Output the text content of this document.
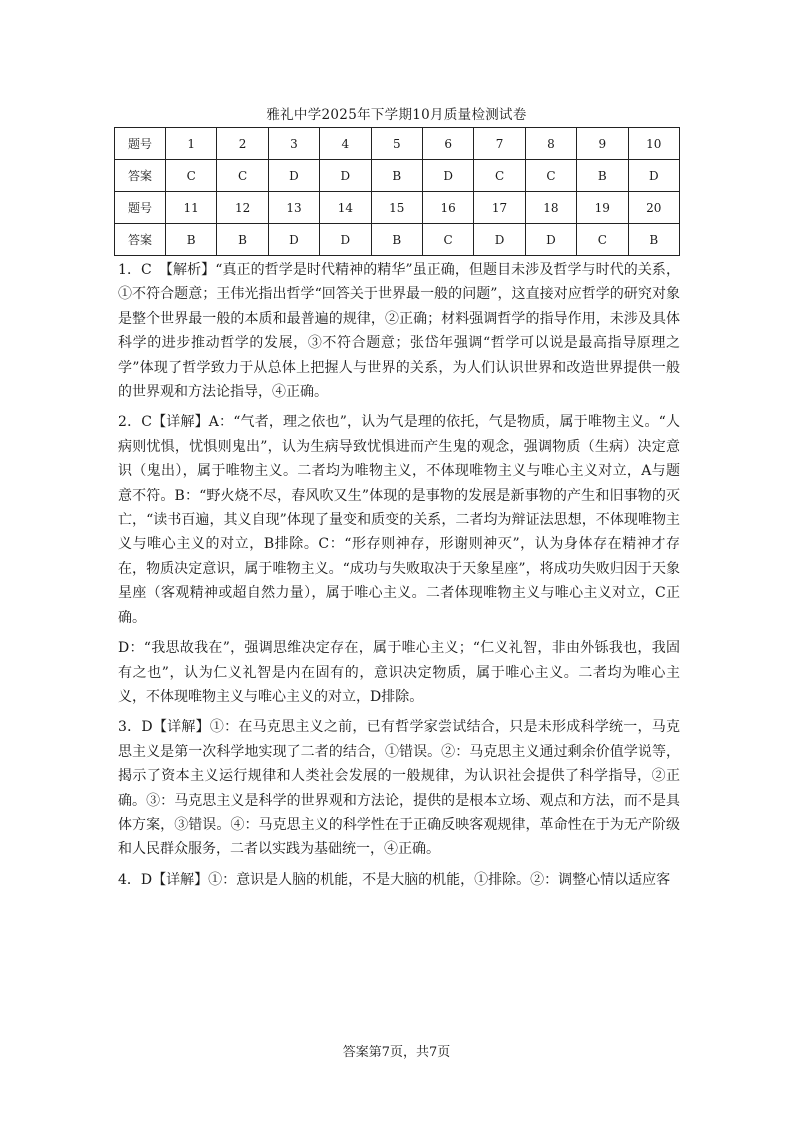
雅礼中学2025年下学期10月质量检测试卷
题号	1	2	3	4	5	6	7	8	9	10
答案	C	C	D	D	B	D	C	C	B	D
题号	11	12	13	14	15	16	17	18	19	20
答案	B	B	D	D	B	C	D	D	C	B

1．C　【解析】“真正的哲学是时代精神的精华”虽正确，但题目未涉及哲学与时代的关系，①不符合题意；王伟光指出哲学“回答关于世界最一般的问题”，这直接对应哲学的研究对象是整个世界最一般的本质和最普遍的规律，②正确；材料强调哲学的指导作用，未涉及具体科学的进步推动哲学的发展，③不符合题意；张岱年强调“哲学可以说是最高指导原理之学”体现了哲学致力于从总体上把握人与世界的关系，为人们认识世界和改造世界提供一般的世界观和方法论指导，④正确。

2．C【详解】A：“气者，理之依也”，认为气是理的依托，气是物质，属于唯物主义。“人病则忧惧，忧惧则鬼出”，认为生病导致忧惧进而产生鬼的观念，强调物质（生病）决定意识（鬼出），属于唯物主义。二者均为唯物主义，不体现唯物主义与唯心主义对立，A与题意不符。B：“野火烧不尽，春风吹又生”体现的是事物的发展是新事物的产生和旧事物的灭亡，“读书百遍，其义自现”体现了量变和质变的关系，二者均为辩证法思想，不体现唯物主义与唯心主义的对立，B排除。C：“形存则神存，形谢则神灭”，认为身体存在精神才存在，物质决定意识，属于唯物主义。“成功与失败取决于天象星座”，将成功失败归因于天象星座（客观精神或超自然力量），属于唯心主义。二者体现唯物主义与唯心主义对立，C正确。

D：“我思故我在”，强调思维决定存在，属于唯心主义；“仁义礼智，非由外铄我也，我固有之也”，认为仁义礼智是内在固有的，意识决定物质，属于唯心主义。二者均为唯心主义，不体现唯物主义与唯心主义的对立，D排除。

3．D【详解】①：在马克思主义之前，已有哲学家尝试结合，只是未形成科学统一，马克思主义是第一次科学地实现了二者的结合，①错误。②：马克思主义通过剩余价值学说等，揭示了资本主义运行规律和人类社会发展的一般规律，为认识社会提供了科学指导，②正确。③：马克思主义是科学的世界观和方法论，提供的是根本立场、观点和方法，而不是具体方案，③错误。④：马克思主义的科学性在于正确反映客观规律，革命性在于为无产阶级和人民群众服务，二者以实践为基础统一，④正确。

4．D【详解】①：意识是人脑的机能，不是大脑的机能，①排除。②：调整心情以适应客

答案第7页，共7页
